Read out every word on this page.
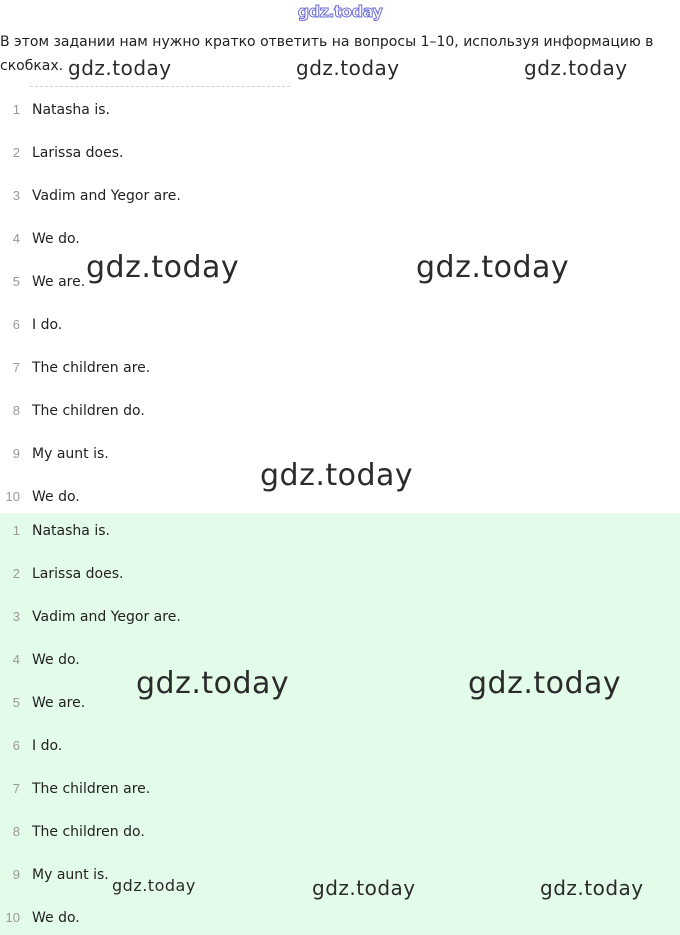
gdz.today
В этом задании нам нужно кратко ответить на вопросы 1–10, используя информацию в скобках.
1 Natasha is.
2 Larissa does.
3 Vadim and Yegor are.
4 We do.
5 We are.
6 I do.
7 The children are.
8 The children do.
9 My aunt is.
10 We do.
1 Natasha is.
2 Larissa does.
3 Vadim and Yegor are.
4 We do.
5 We are.
6 I do.
7 The children are.
8 The children do.
9 My aunt is.
10 We do.
gdz.today	gdz.today	gdz.today
gdz.today	gdz.today
gdz.today
gdz.today	gdz.today
gdz.today	gdz.today	gdz.today
